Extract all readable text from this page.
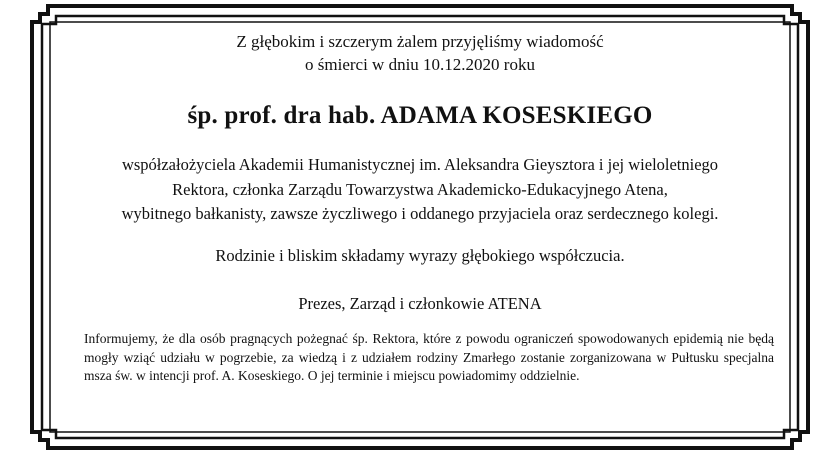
Z głębokim i szczerym żalem przyjęliśmy wiadomość
o śmierci w dniu 10.12.2020 roku

śp. prof. dra hab. ADAMA KOSESKIEGO

współzałożyciela Akademii Humanistycznej im. Aleksandra Gieysztora i jej wieloletniego
Rektora, członka Zarządu Towarzystwa Akademicko-Edukacyjnego Atena,
wybitnego bałkanisty, zawsze życzliwego i oddanego przyjaciela oraz serdecznego kolegi.

Rodzinie i bliskim składamy wyrazy głębokiego współczucia.

Prezes, Zarząd i członkowie ATENA

Informujemy, że dla osób pragnących pożegnać śp. Rektora, które z powodu ograniczeń spowodowanych epidemią nie będą mogły wziąć udziału w pogrzebie, za wiedzą i z udziałem rodziny Zmarłego zostanie zorganizowana w Pułtusku specjalna msza św. w intencji prof. A. Koseskiego. O jej terminie i miejscu powiadomimy oddzielnie.
